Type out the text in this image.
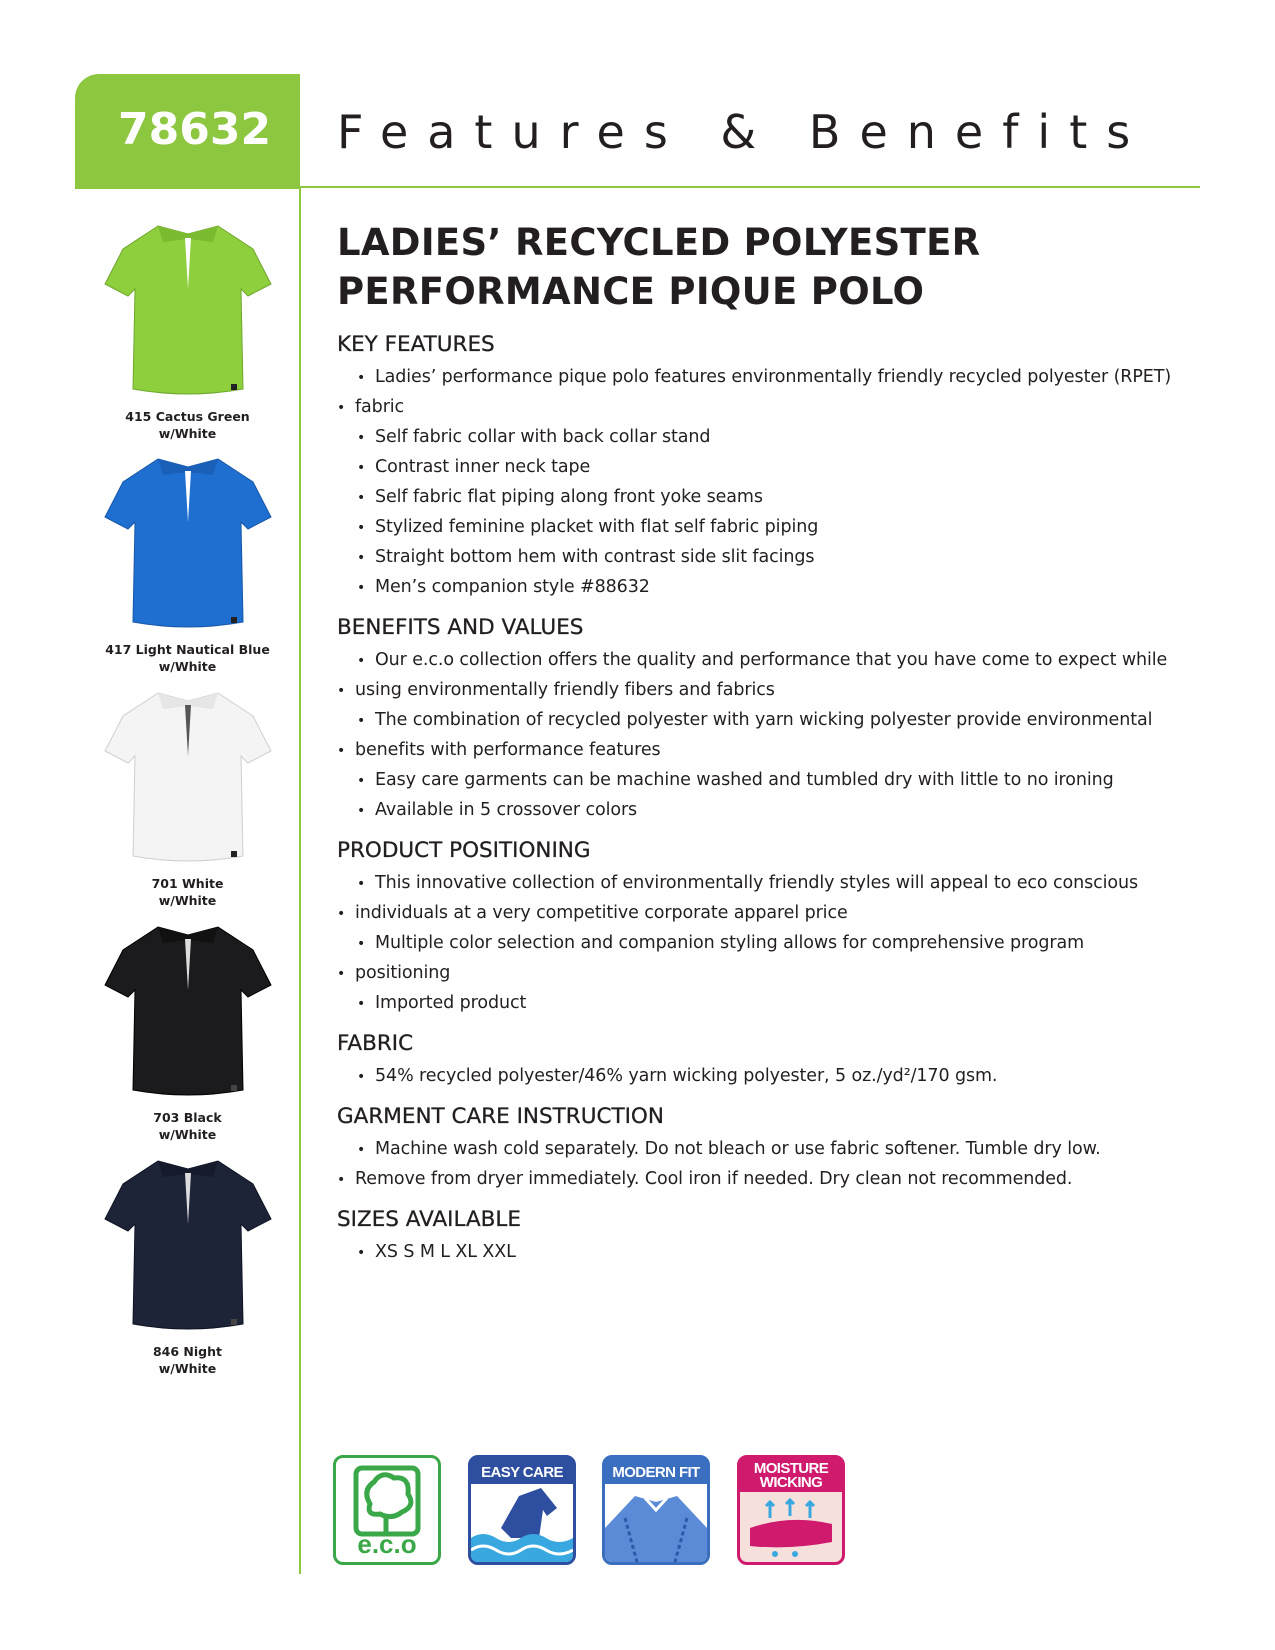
78632 Features & Benefits
415 Cactus Green
w/White
417 Light Nautical Blue
w/White
701 White
w/White
703 Black
w/White
846 Night
w/White
LADIES’ RECYCLED POLYESTER
PERFORMANCE PIQUE POLO
KEY FEATURES
• Ladies’ performance pique polo features environmentally friendly recycled polyester (RPET)
• fabric
• Self fabric collar with back collar stand
• Contrast inner neck tape
• Self fabric flat piping along front yoke seams
• Stylized feminine placket with flat self fabric piping
• Straight bottom hem with contrast side slit facings
• Men’s companion style #88632
BENEFITS AND VALUES
• Our e.c.o collection offers the quality and performance that you have come to expect while
• using environmentally friendly fibers and fabrics
• The combination of recycled polyester with yarn wicking polyester provide environmental
• benefits with performance features
• Easy care garments can be machine washed and tumbled dry with little to no ironing
• Available in 5 crossover colors
PRODUCT POSITIONING
• This innovative collection of environmentally friendly styles will appeal to eco conscious
• individuals at a very competitive corporate apparel price
• Multiple color selection and companion styling allows for comprehensive program
• positioning
• Imported product
FABRIC
• 54% recycled polyester/46% yarn wicking polyester, 5 oz./yd²/170 gsm.
GARMENT CARE INSTRUCTION
• Machine wash cold separately. Do not bleach or use fabric softener. Tumble dry low.
• Remove from dryer immediately. Cool iron if needed. Dry clean not recommended.
SIZES AVAILABLE
• XS S M L XL XXL
e.c.o
EASY CARE	MODERN FIT	MOISTURE
WICKING
